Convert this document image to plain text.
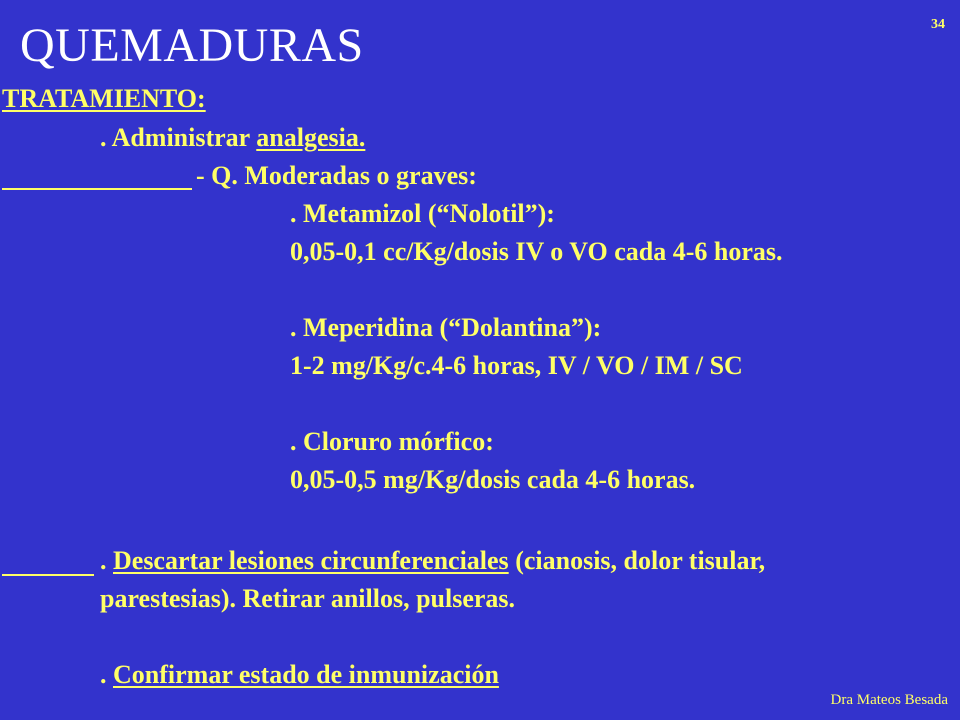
QUEMADURAS	34
TRATAMIENTO:
. Administrar analgesia.
- Q. Moderadas o graves:
. Metamizol (“Nolotil”):
0,05-0,1 cc/Kg/dosis IV o VO cada 4-6 horas.
. Meperidina (“Dolantina”):
1-2 mg/Kg/c.4-6 horas, IV / VO / IM / SC
. Cloruro mórfico:
0,05-0,5 mg/Kg/dosis cada 4-6 horas.
. Descartar lesiones circunferenciales (cianosis, dolor tisular,
parestesias). Retirar anillos, pulseras.
. Confirmar estado de inmunización
Dra Mateos Besada
